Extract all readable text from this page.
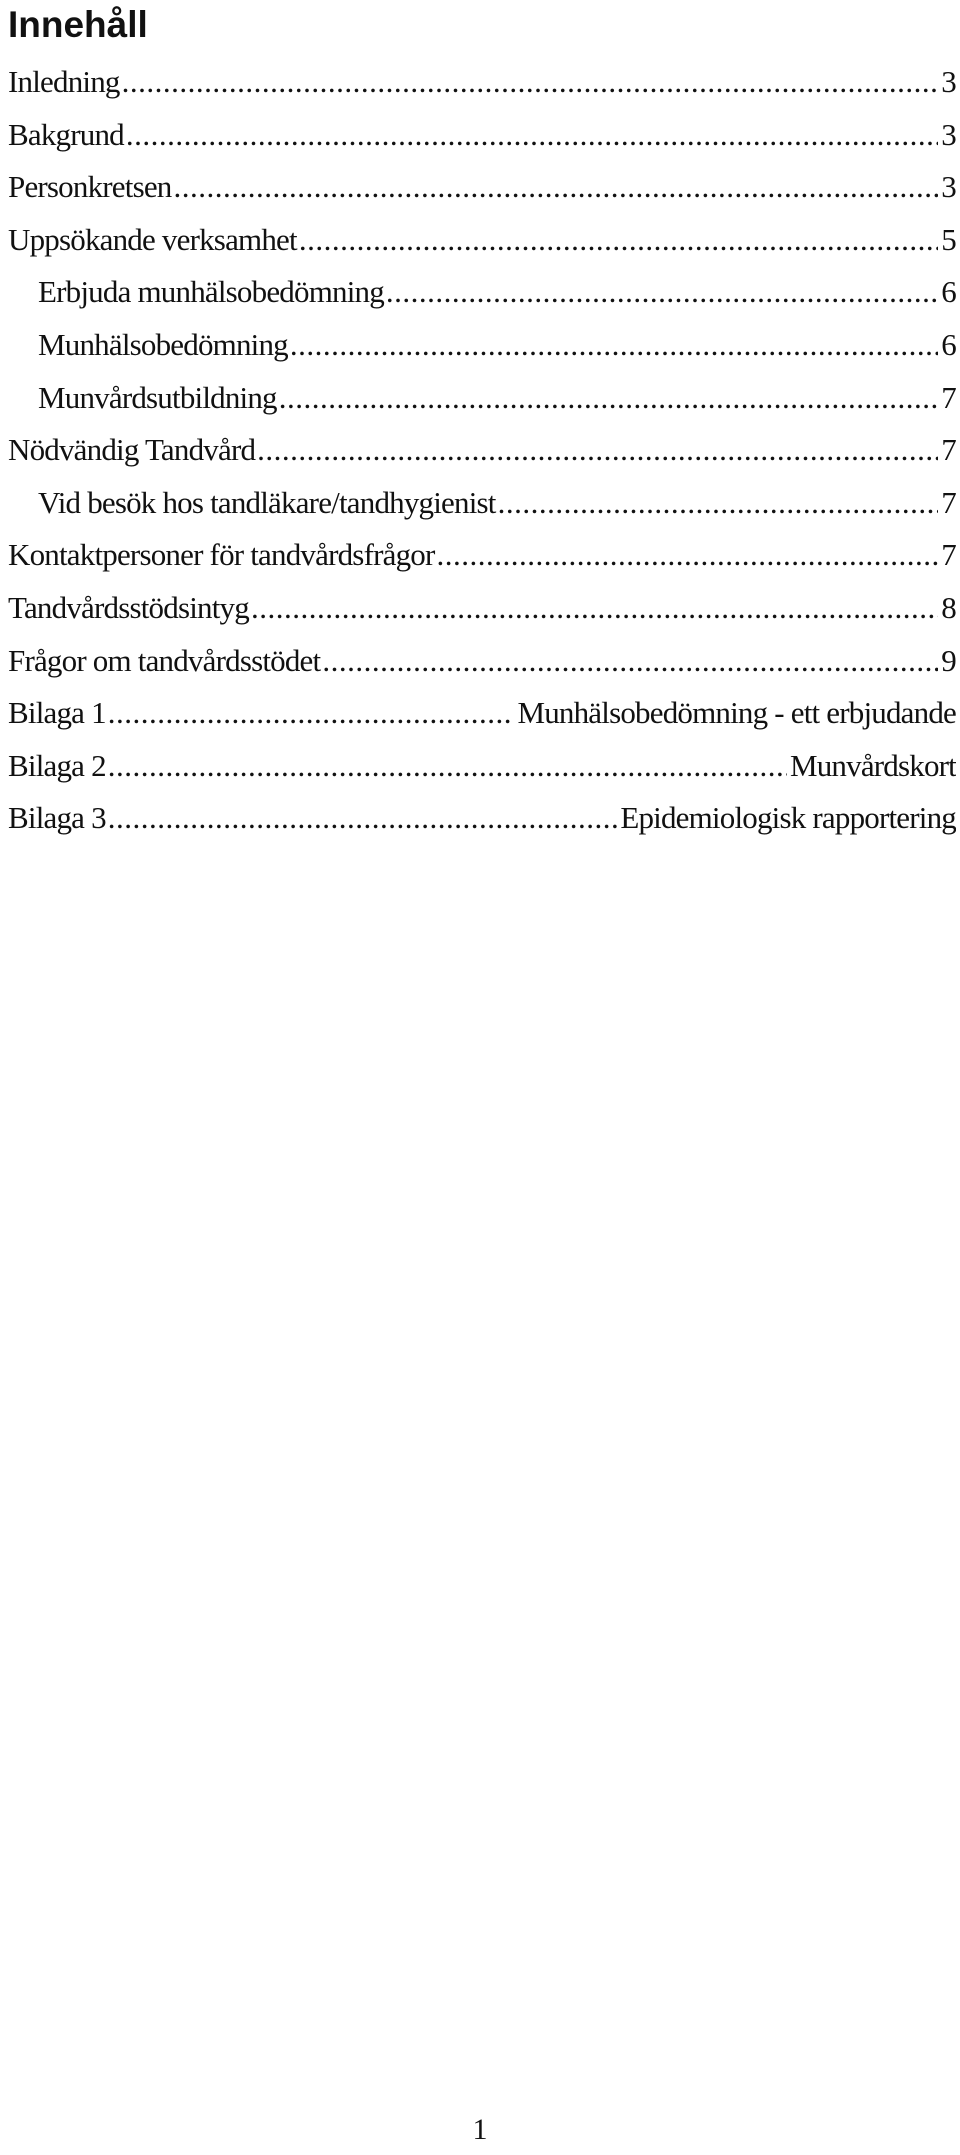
Innehåll
Inledning .....	3
Bakgrund .....	3
Personkretsen .....	3
Uppsökande verksamhet .....	5
Erbjuda munhälsobedömning .....	6
Munhälsobedömning .....	6
Munvårdsutbildning .....	7
Nödvändig Tandvård .....	7
Vid besök hos tandläkare/tandhygienist .....	7
Kontaktpersoner för tandvårdsfrågor .....	7
Tandvårdsstödsintyg .....	8
Frågor om tandvårdsstödet .....	9
Bilaga 1 .....	Munhälsobedömning - ett erbjudande
Bilaga 2 .....	Munvårdskort
Bilaga 3 .....	Epidemiologisk rapportering
1
